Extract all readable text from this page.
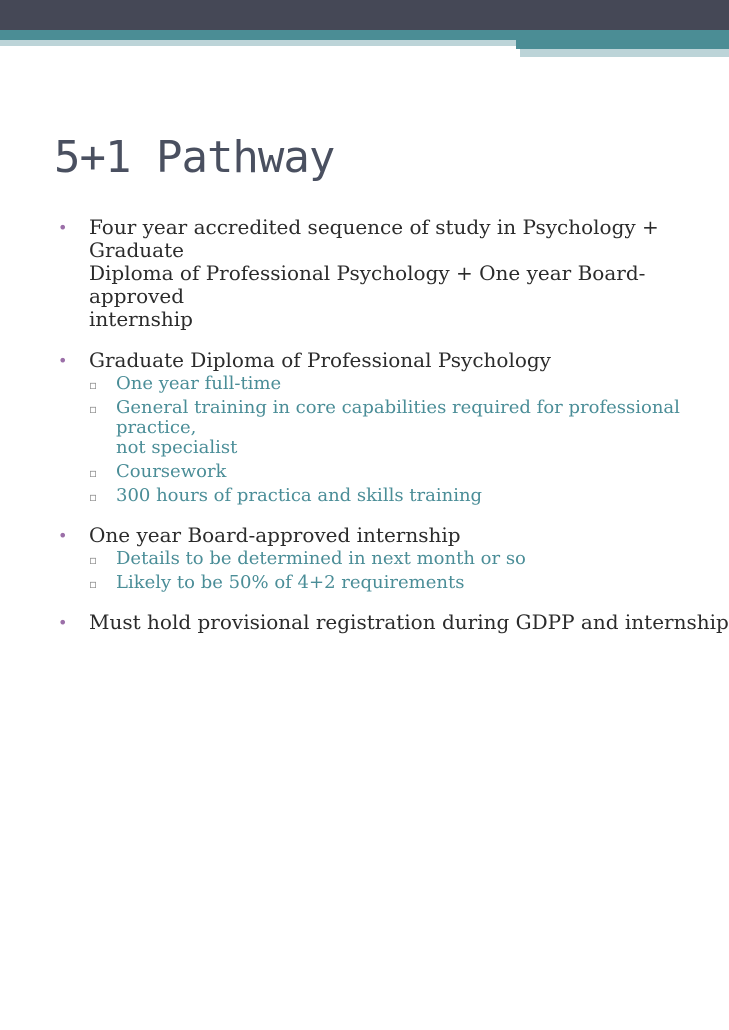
5+1 Pathway
• Four year accredited sequence of study in Psychology + Graduate
Diploma of Professional Psychology + One year Board-approved
internship
• Graduate Diploma of Professional Psychology
▫ One year full-time
▫ General training in core capabilities required for professional practice,
not specialist
▫ Coursework
▫ 300 hours of practica and skills training
• One year Board-approved internship
▫ Details to be determined in next month or so
▫ Likely to be 50% of 4+2 requirements
• Must hold provisional registration during GDPP and internship
